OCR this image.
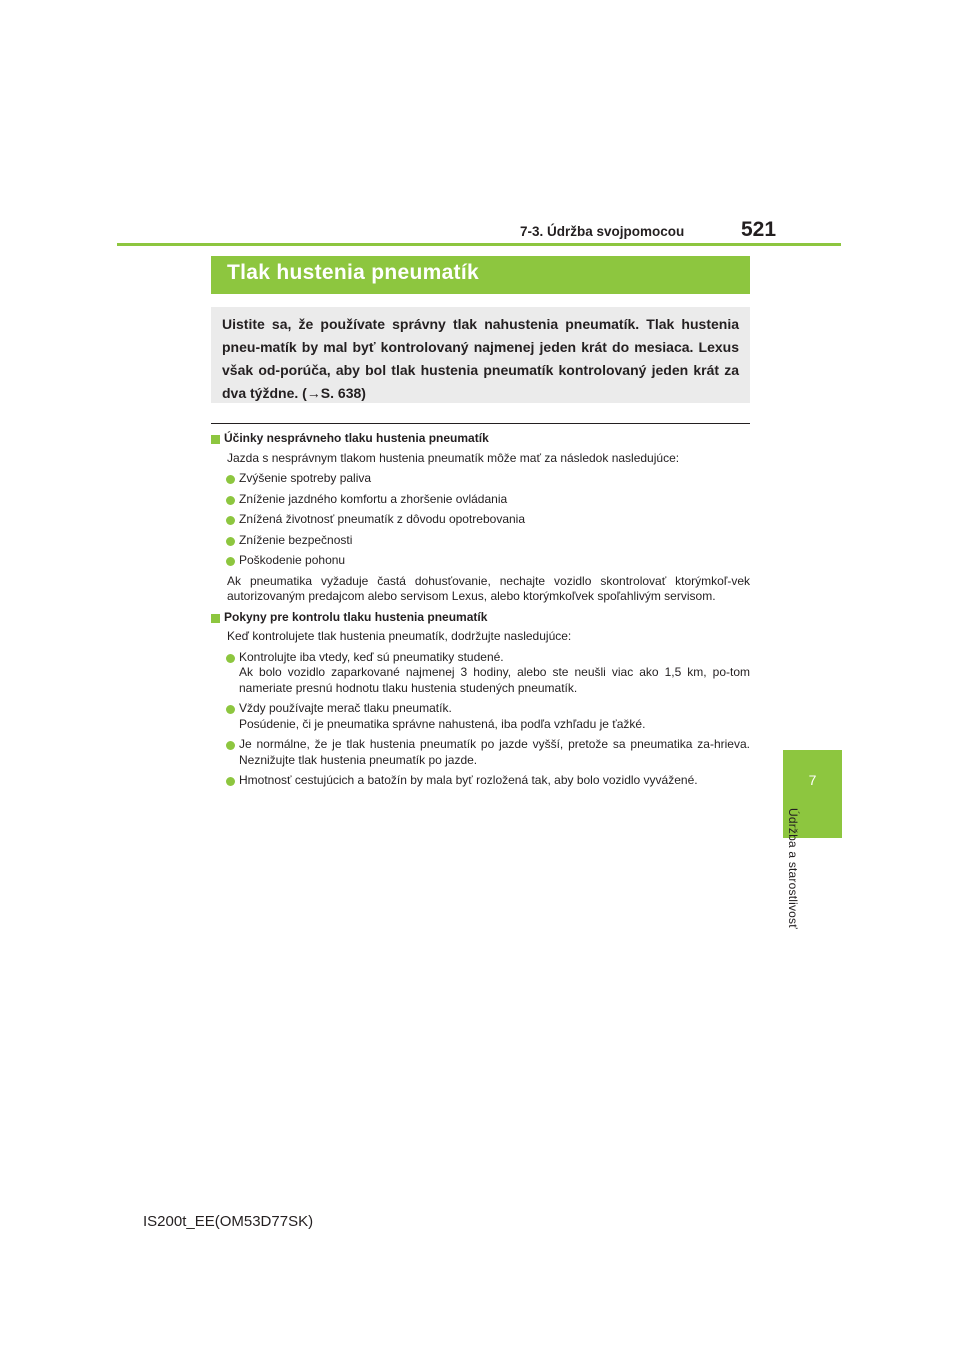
7-3. Údržba svojpomocou	521
7
Údržba a starostlivosť
Tlak hustenia pneumatík

Uistite sa, že používate správny tlak nahustenia pneumatík. Tlak hustenia pneu-matík by mal byť kontrolovaný najmenej jeden krát do mesiaca. Lexus však od-porúča, aby bol tlak hustenia pneumatík kontrolovaný jeden krát za dva týždne. (→S. 638)

Účinky nesprávneho tlaku hustenia pneumatík

Jazda s nesprávnym tlakom hustenia pneumatík môže mať za následok nasledujúce:

Zvýšenie spotreby paliva
Zníženie jazdného komfortu a zhoršenie ovládania
Znížená životnosť pneumatík z dôvodu opotrebovania
Zníženie bezpečnosti
Poškodenie pohonu

Ak pneumatika vyžaduje častá dohusťovanie, nechajte vozidlo skontrolovať ktorýmkoľ-vek autorizovaným predajcom alebo servisom Lexus, alebo ktorýmkoľvek spoľahlivým servisom.

Pokyny pre kontrolu tlaku hustenia pneumatík

Keď kontrolujete tlak hustenia pneumatík, dodržujte nasledujúce:

Kontrolujte iba vtedy, keď sú pneumatiky studené.
Ak bolo vozidlo zaparkované najmenej 3 hodiny, alebo ste neušli viac ako 1,5 km, po-tom nameriate presnú hodnotu tlaku hustenia studených pneumatík.
Vždy používajte merač tlaku pneumatík.
Posúdenie, či je pneumatika správne nahustená, iba podľa vzhľadu je ťažké.
Je normálne, že je tlak hustenia pneumatík po jazde vyšší, pretože sa pneumatika za-hrieva. Neznižujte tlak hustenia pneumatík po jazde.
Hmotnosť cestujúcich a batožín by mala byť rozložená tak, aby bolo vozidlo vyvážené.
IS200t_EE(OM53D77SK)
